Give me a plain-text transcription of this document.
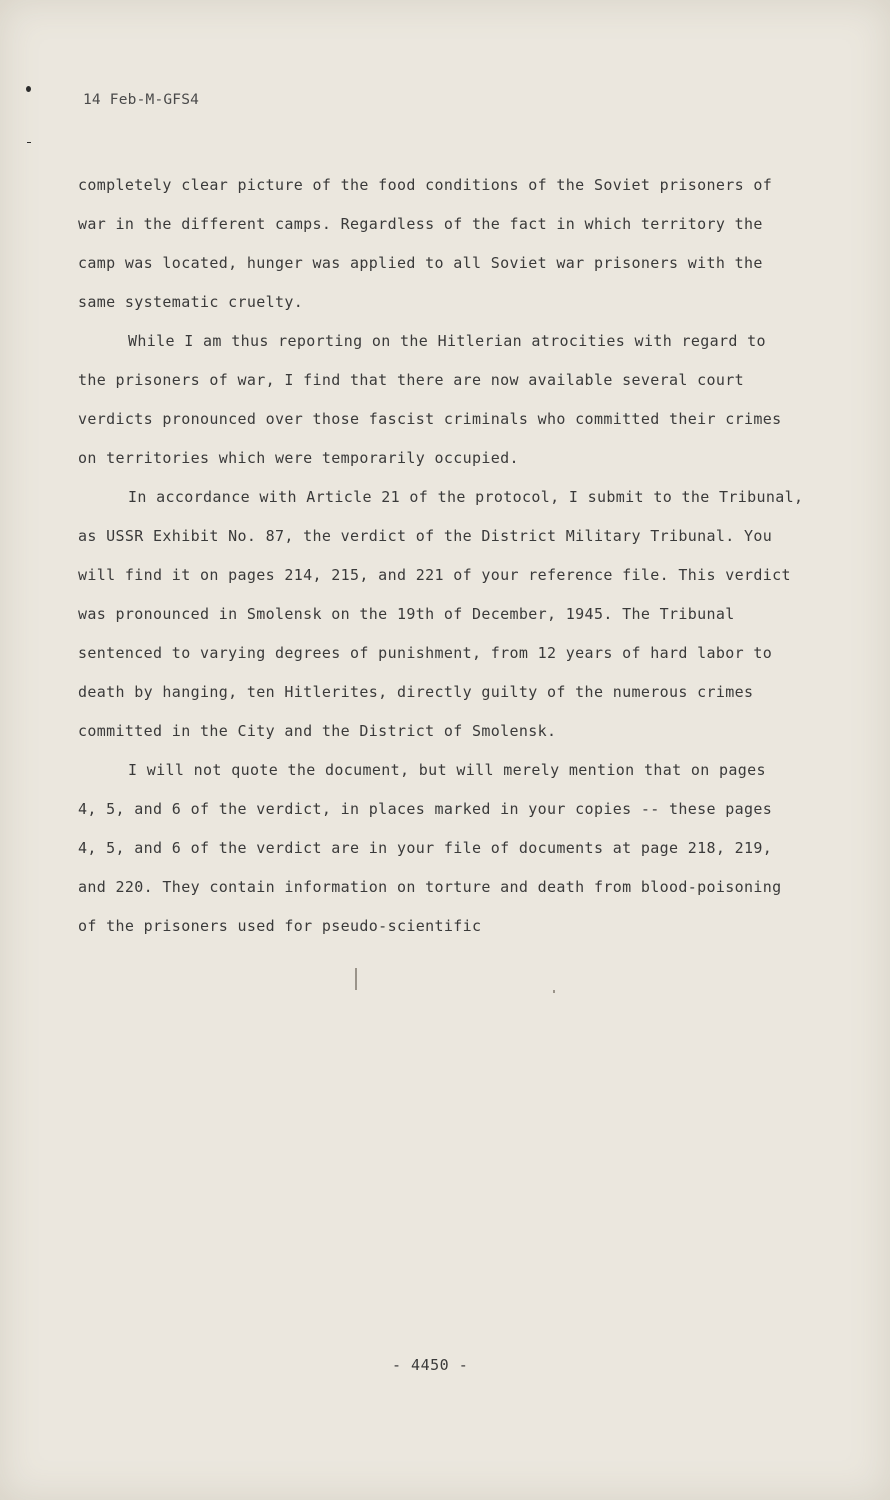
14 Feb-M-GFS4

completely clear picture of the food conditions of the Soviet prisoners of
war in the different camps. Regardless of the fact in which territory the
camp was located, hunger was applied to all Soviet war prisoners with the
same systematic cruelty.

While I am thus reporting on the Hitlerian atrocities with regard to
the prisoners of war, I find that there are now available several court
verdicts pronounced over those fascist criminals who committed their crimes
on territories which were temporarily occupied.

In accordance with Article 21 of the protocol, I submit to the Tribunal,
as USSR Exhibit No. 87, the verdict of the District Military Tribunal. You
will find it on pages 214, 215, and 221 of your reference file. This verdict
was pronounced in Smolensk on the 19th of December, 1945. The Tribunal
sentenced to varying degrees of punishment, from 12 years of hard labor to
death by hanging, ten Hitlerites, directly guilty of the numerous crimes
committed in the City and the District of Smolensk.

I will not quote the document, but will merely mention that on pages
4, 5, and 6 of the verdict, in places marked in your copies -- these pages
4, 5, and 6 of the verdict are in your file of documents at page 218, 219,
and 220. They contain information on torture and death from blood-poisoning
of the prisoners used for pseudo-scientific

- 4450 -
